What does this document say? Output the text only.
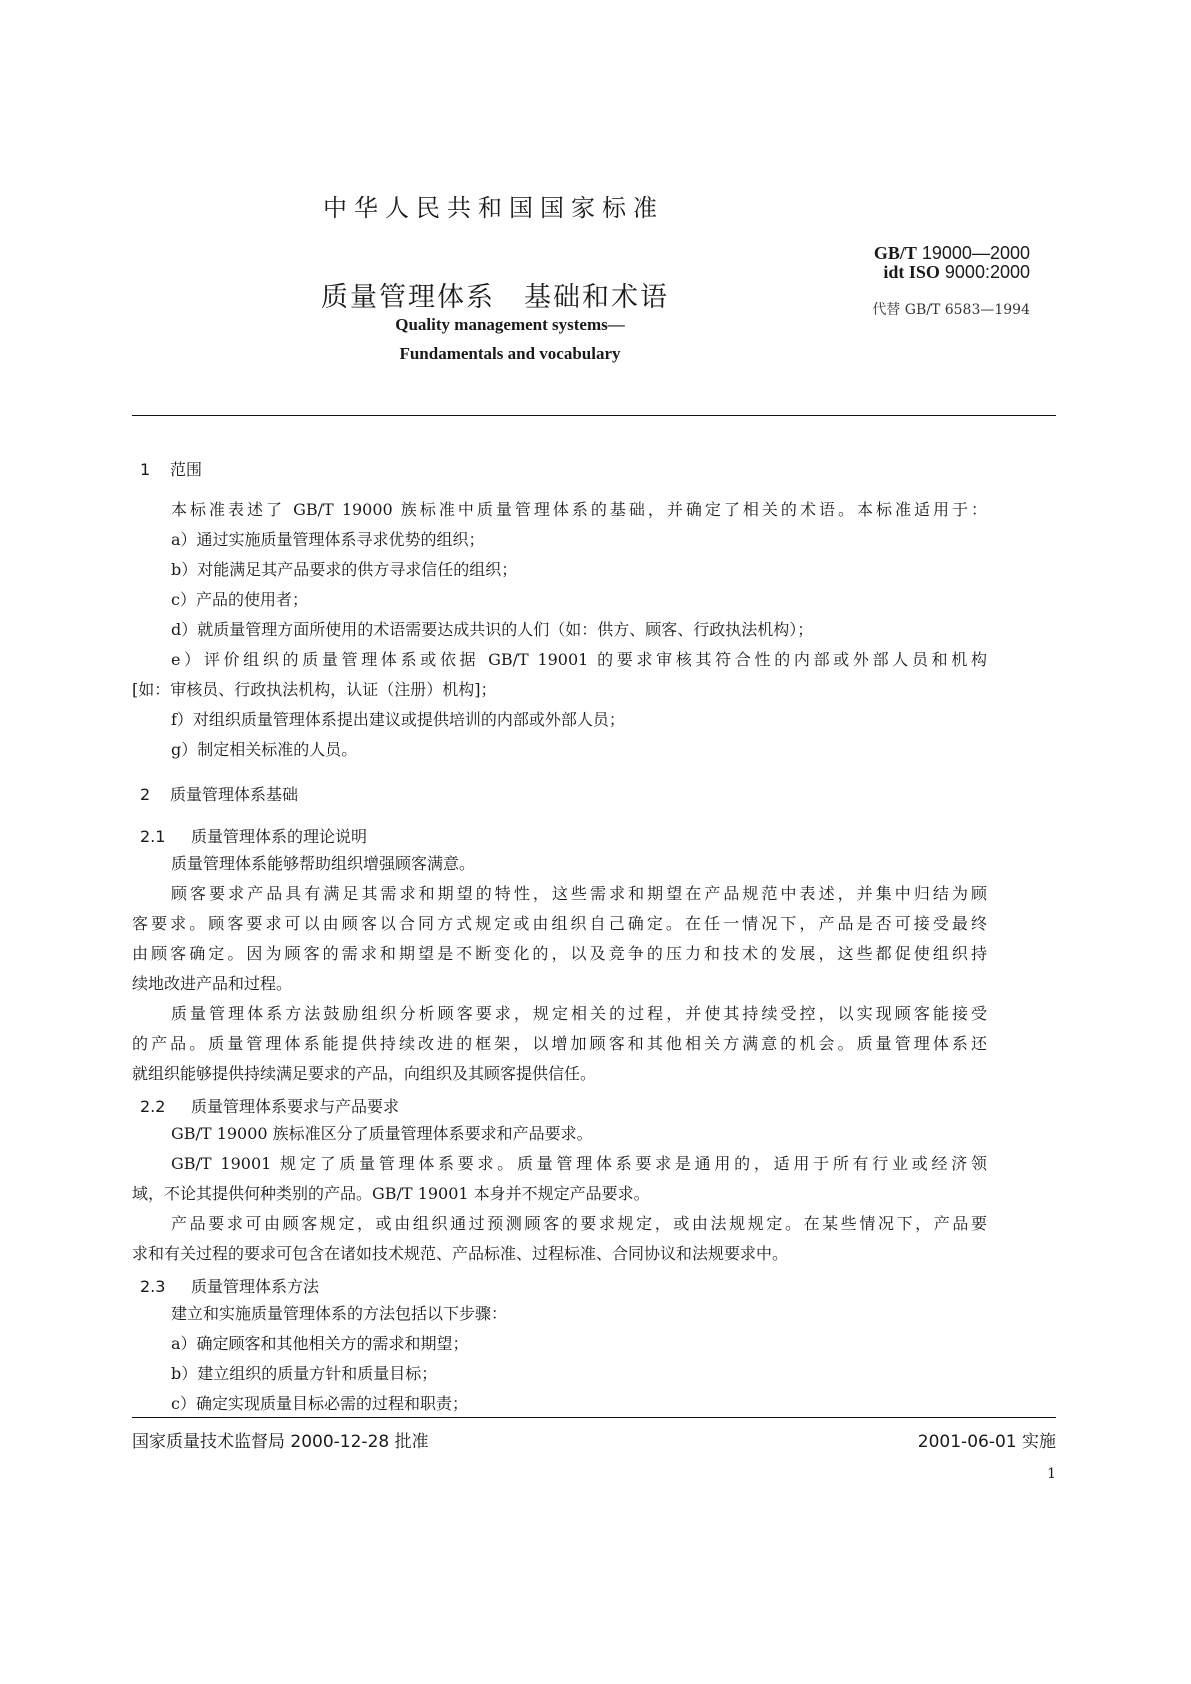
中华人民共和国国家标准
质量管理体系　基础和术语
Quality management systems—
Fundamentals and vocabulary
GB/T 19000—2000
idt ISO 9000:2000
代替 GB/T 6583—1994
1 范围
本标准表述了 GB/T 19000 族标准中质量管理体系的基础，并确定了相关的术语。本标准适用于：
a）通过实施质量管理体系寻求优势的组织；
b）对能满足其产品要求的供方寻求信任的组织；
c）产品的使用者；
d）就质量管理方面所使用的术语需要达成共识的人们（如：供方、顾客、行政执法机构）；
e）评价组织的质量管理体系或依据 GB/T 19001 的要求审核其符合性的内部或外部人员和机构
[如：审核员、行政执法机构，认证（注册）机构]；
f）对组织质量管理体系提出建议或提供培训的内部或外部人员；
g）制定相关标准的人员。
2 质量管理体系基础
2.1 质量管理体系的理论说明
质量管理体系能够帮助组织增强顾客满意。
顾客要求产品具有满足其需求和期望的特性，这些需求和期望在产品规范中表述，并集中归结为顾
客要求。顾客要求可以由顾客以合同方式规定或由组织自己确定。在任一情况下，产品是否可接受最终
由顾客确定。因为顾客的需求和期望是不断变化的，以及竞争的压力和技术的发展，这些都促使组织持
续地改进产品和过程。
质量管理体系方法鼓励组织分析顾客要求，规定相关的过程，并使其持续受控，以实现顾客能接受
的产品。质量管理体系能提供持续改进的框架，以增加顾客和其他相关方满意的机会。质量管理体系还
就组织能够提供持续满足要求的产品，向组织及其顾客提供信任。
2.2 质量管理体系要求与产品要求
GB/T 19000 族标准区分了质量管理体系要求和产品要求。
GB/T 19001 规定了质量管理体系要求。质量管理体系要求是通用的，适用于所有行业或经济领
域，不论其提供何种类别的产品。GB/T 19001 本身并不规定产品要求。
产品要求可由顾客规定，或由组织通过预测顾客的要求规定，或由法规规定。在某些情况下，产品要
求和有关过程的要求可包含在诸如技术规范、产品标准、过程标准、合同协议和法规要求中。
2.3 质量管理体系方法
建立和实施质量管理体系的方法包括以下步骤：
a）确定顾客和其他相关方的需求和期望；
b）建立组织的质量方针和质量目标；
c）确定实现质量目标必需的过程和职责；
国家质量技术监督局 2000-12-28 批准	2001-06-01 实施
1
